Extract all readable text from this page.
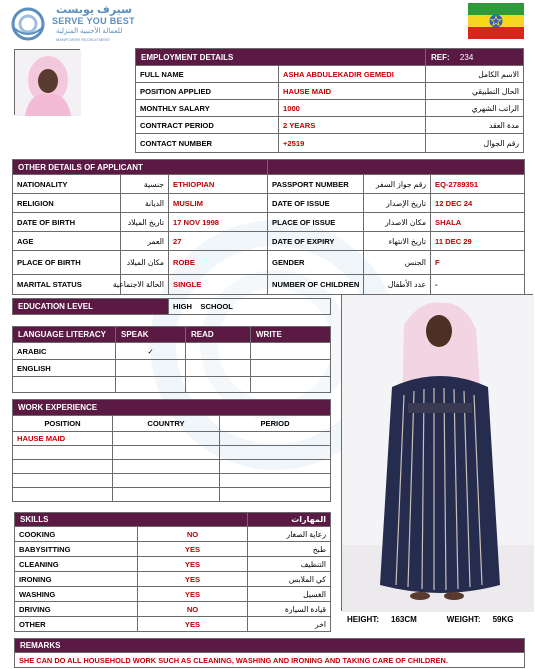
سيرف يوبست
SERVE YOU BEST
للعمالة الأجنبية المنزلية
MANPOWER RECRUITMENT
EMPLOYMENT DETAILS		REF: 234
FULL NAME	ASHA ABDULEKADIR GEMEDI	الاسم الكامل
POSITION APPLIED	HAUSE MAID	الحال التطبيقي
MONTHLY SALARY	1000	الراتب الشهري
CONTRACT PERIOD	2 YEARS	مدة العقد
CONTACT NUMBER	+2519	رقم الجوال
OTHER DETAILS OF APPLICANT					
NATIONALITY	جنسية	ETHIOPIAN	PASSPORT NUMBER	رقم جواز السفر	EQ-2789351
RELIGION	الديانة	MUSLIM	DATE OF ISSUE	تاريخ الإصدار	12 DEC 24
DATE OF BIRTH	تاريخ الميلاد	17 NOV 1998	PLACE OF ISSUE	مكان الاصدار	SHALA
AGE	العمر	27	DATE OF EXPIRY	تاريخ الانتهاء	11 DEC 29
PLACE OF BIRTH	مكان الميلاد	ROBE	GENDER	الجنس	F
MARITAL STATUS	الحالة الاجتماعية	SINGLE	NUMBER OF CHILDREN	عدد الأطفال	-
EDUCATION LEVEL	HIGH    SCHOOL
LANGUAGE LITERACY	SPEAK	READ	WRITE
ARABIC	✓		
ENGLISH			

WORK EXPERIENCE		
POSITION	COUNTRY	PERIOD
HAUSE MAID		

SKILLS		المهارات
COOKING	NO	رعاية الصغار
BABYSITTING	YES	طبخ
CLEANING	YES	التنظيف
IRONING	YES	كي الملابس
WASHING	YES	الغسيل
DRIVING	NO	قيادة السيارة
OTHER	YES	اخر
HEIGHT: 163CM	WEIGHT: 59KG
REMARKS
SHE CAN DO ALL HOUSEHOLD WORK SUCH AS CLEANING, WASHING AND IRONING AND TAKING CARE OF CHILDREN.
